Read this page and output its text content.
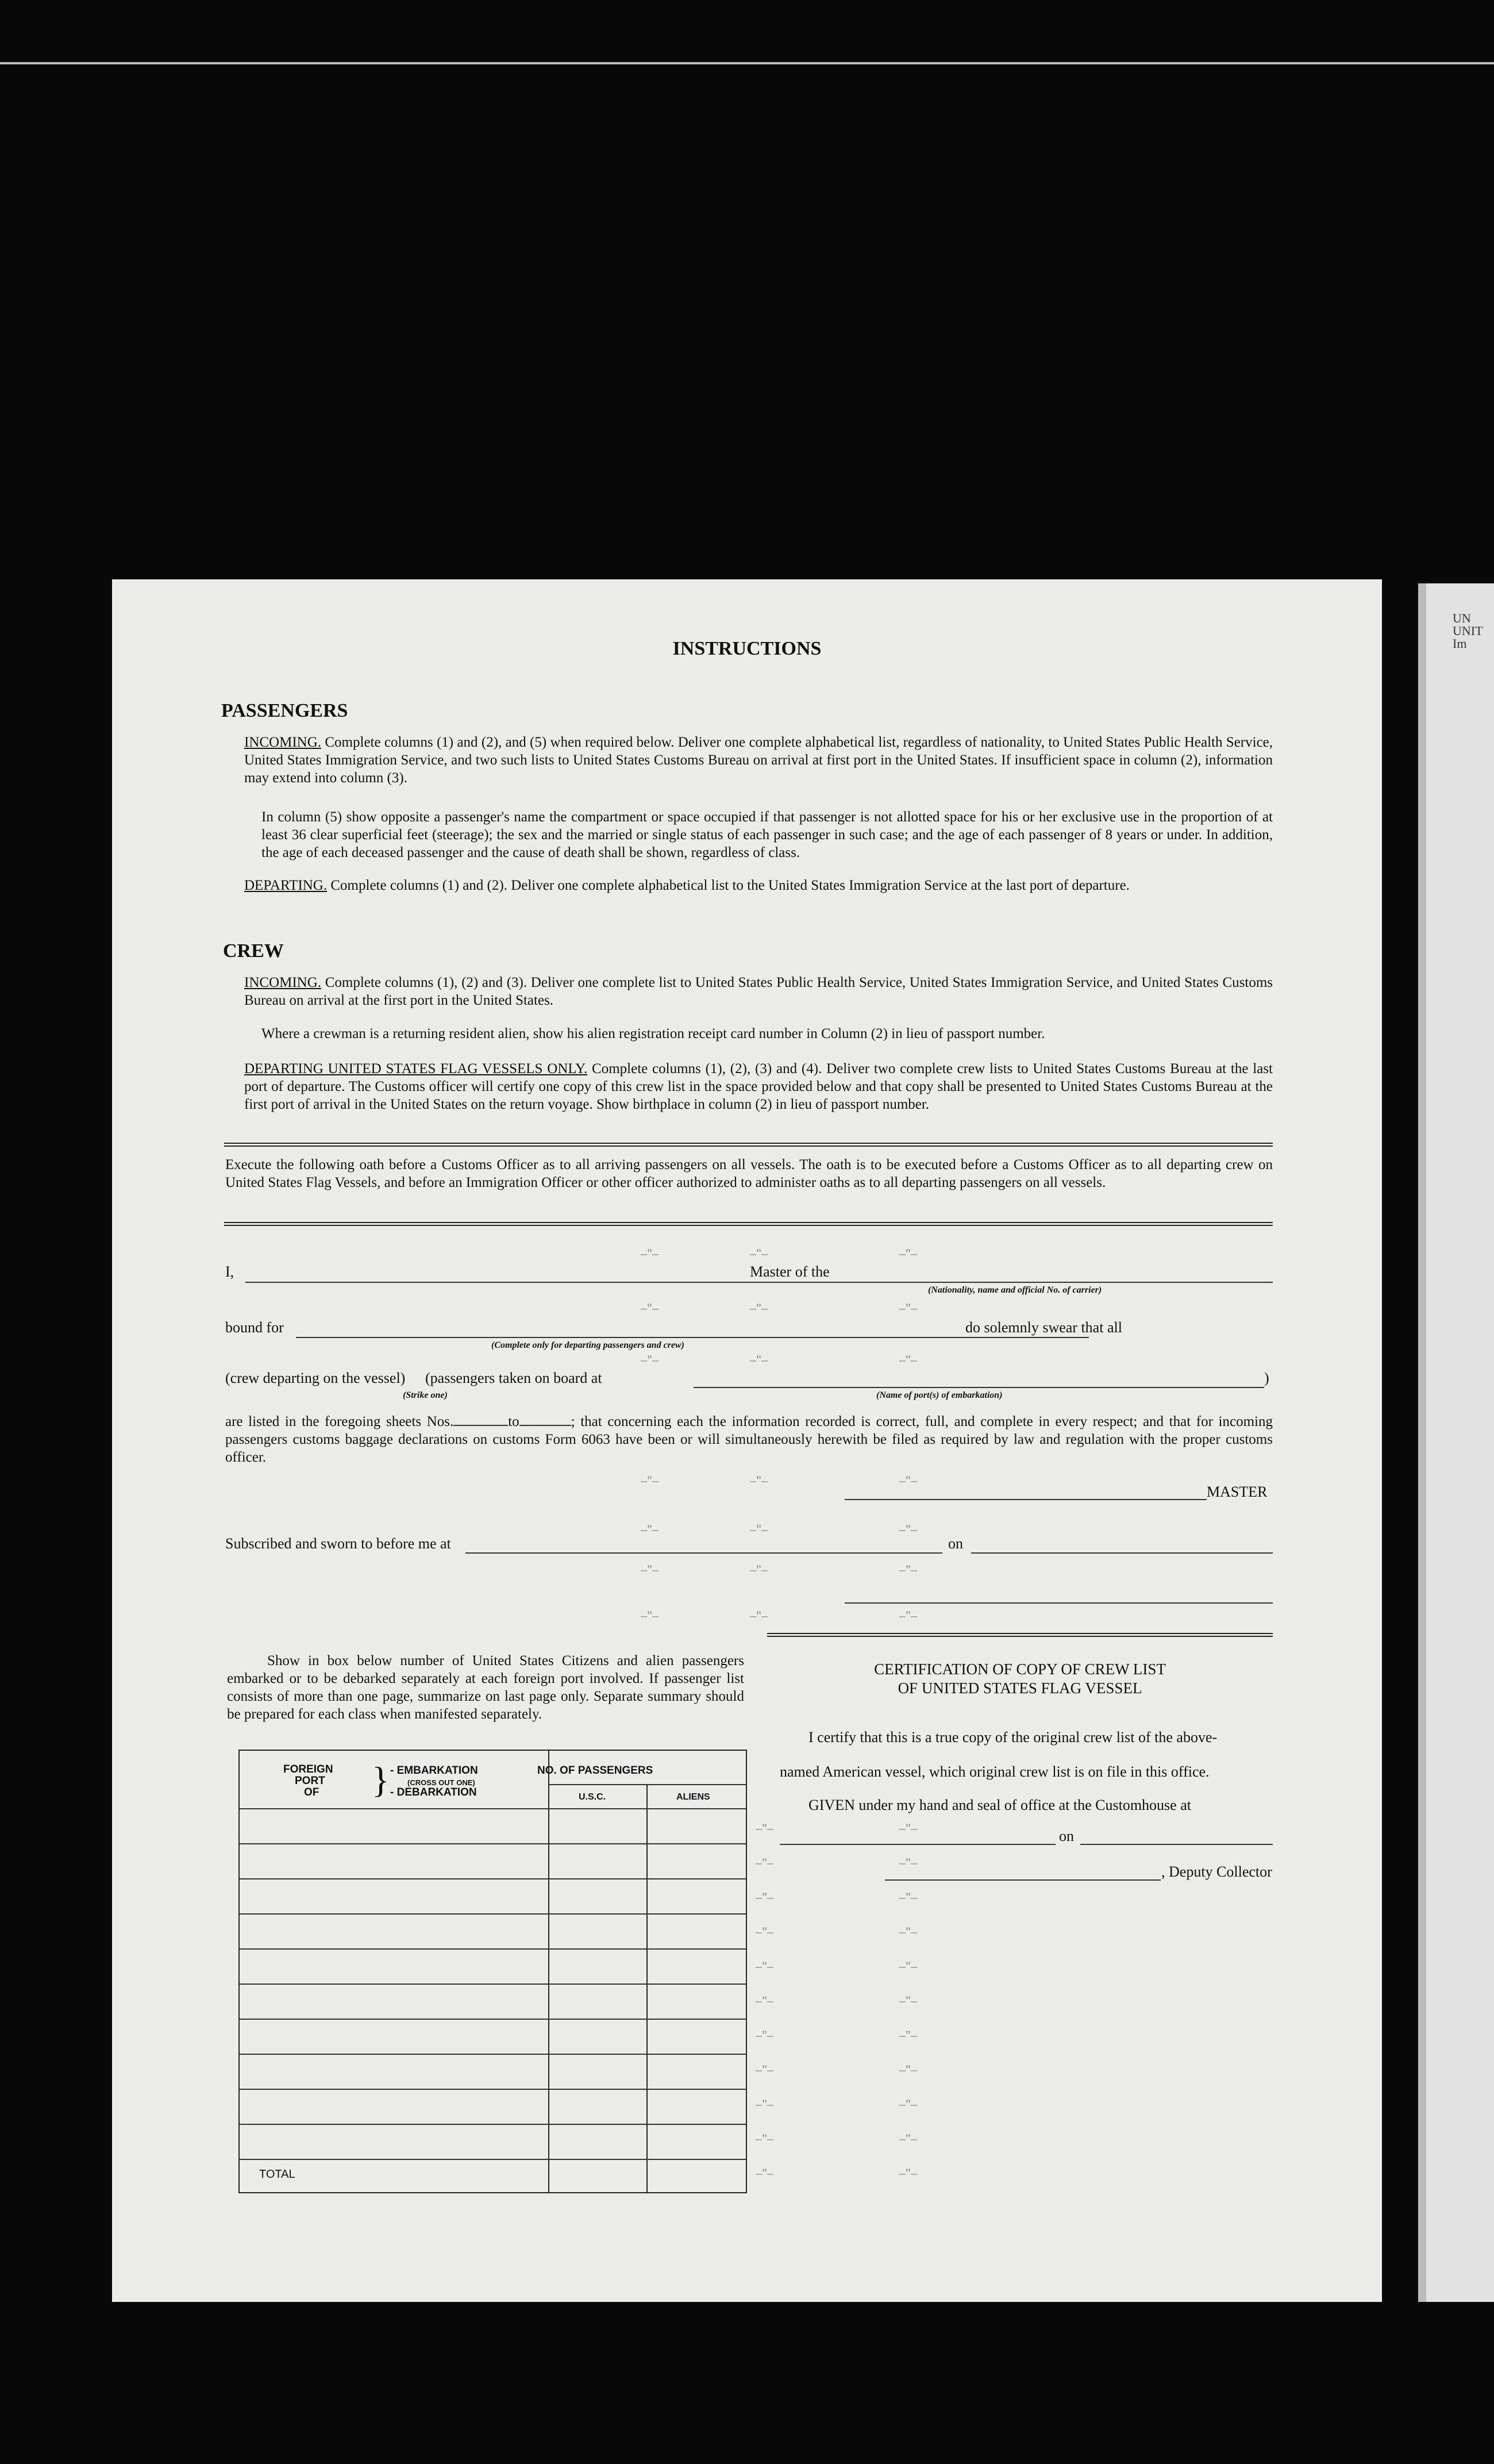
UN
UNIT
Im
INSTRUCTIONS
PASSENGERS
INCOMING. Complete columns (1) and (2), and (5) when required below. Deliver one complete alphabetical list, regardless of nationality, to United States Public Health Service, United States Immigration Service, and two such lists to United States Customs Bureau on arrival at first port in the United States. If insufficient space in column (2), information may extend into column (3).
In column (5) show opposite a passenger's name the compartment or space occupied if that passenger is not allotted space for his or her exclusive use in the proportion of at least 36 clear superficial feet (steerage); the sex and the married or single status of each passenger in such case; and the age of each passenger of 8 years or under. In addition, the age of each deceased passenger and the cause of death shall be shown, regardless of class.
DEPARTING. Complete columns (1) and (2). Deliver one complete alphabetical list to the United States Immigration Service at the last port of departure.
CREW
INCOMING. Complete columns (1), (2) and (3). Deliver one complete list to United States Public Health Service, United States Immigration Service, and United States Customs Bureau on arrival at the first port in the United States.
Where a crewman is a returning resident alien, show his alien registration receipt card number in Column (2) in lieu of passport number.
DEPARTING UNITED STATES FLAG VESSELS ONLY. Complete columns (1), (2), (3) and (4). Deliver two complete crew lists to United States Customs Bureau at the last port of departure. The Customs officer will certify one copy of this crew list in the space provided below and that copy shall be presented to United States Customs Bureau at the first port of arrival in the United States on the return voyage. Show birthplace in column (2) in lieu of passport number.
Execute the following oath before a Customs Officer as to all arriving passengers on all vessels. The oath is to be executed before a Customs Officer as to all departing crew on United States Flag Vessels, and before an Immigration Officer or other officer authorized to administer oaths as to all departing passengers on all vessels.
I,	Master of the
(Nationality, name and official No. of carrier)
bound for
(Complete only for departing passengers and crew)
do solemnly swear that all
(crew departing on the vessel) (passengers taken on board at	)
(Strike one)	(Name of port(s) of embarkation)
are listed in the foregoing sheets Nos.	to	; that concerning each the information recorded is correct, full, and complete in every respect; and that for incoming passengers customs baggage declarations on customs Form 6063 have been or will simultaneously herewith be filed as required by law and regulation with the proper customs officer.
MASTER
Subscribed and sworn to before me at	on
Show in box below number of United States Citizens and alien passengers embarked or to be debarked separately at each foreign port involved. If passenger list consists of more than one page, summarize on last page only. Separate summary should be prepared for each class when manifested separately.
FOREIGN
PORT
OF } - EMBARKATION
(CROSS OUT ONE)
- DEBARKATION
NO. OF PASSENGERS
U.S.C.	ALIENS
TOTAL
CERTIFICATION OF COPY OF CREW LIST
OF UNITED STATES FLAG VESSEL
I certify that this is a true copy of the original crew list of the above-
named American vessel, which original crew list is on file in this office.
GIVEN under my hand and seal of office at the Customhouse at
on
, Deputy Collector
–"–	–"–	–"–
–"–	–"–	–"–
–"–	–"–	–"–
–"–	–"–	–"–
–"–	–"–	–"–
–"–	–"–	–"–
–"–	–"–	–"–
–"–	–"–
–"–	–"–
–"–	–"–
–"–	–"–
–"–	–"–
–"–	–"–
–"–	–"–
–"–	–"–
–"–	–"–
–"–	–"–
–"–	–"–
